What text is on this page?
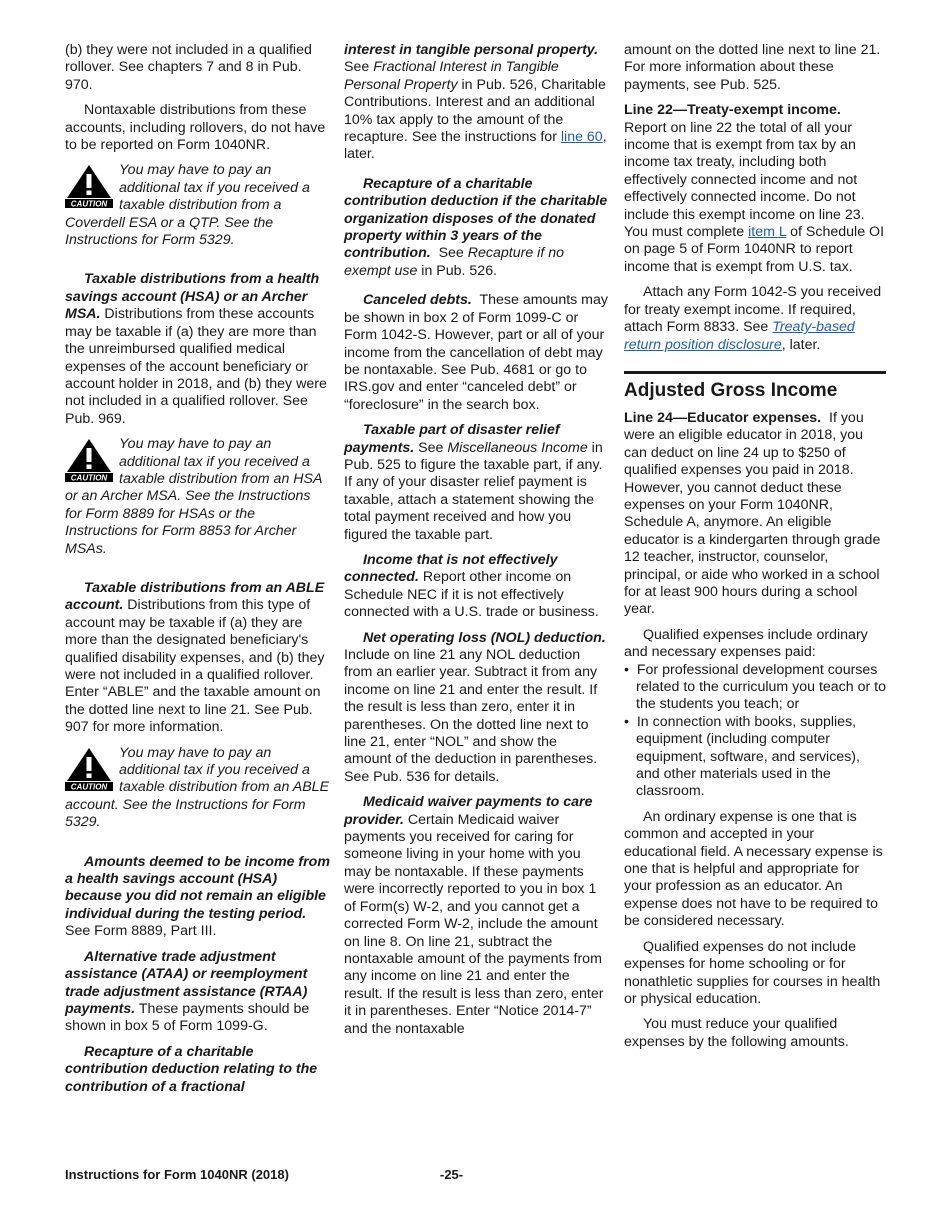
(b) they were not included in a qualified rollover. See chapters 7 and 8 in Pub. 970.

Nontaxable distributions from these accounts, including rollovers, do not have to be reported on Form 1040NR.

CAUTION
You may have to pay an additional tax if you received a taxable distribution from a Coverdell ESA or a QTP. See the Instructions for Form 5329.

Taxable distributions from a health savings account (HSA) or an Archer MSA. Distributions from these accounts may be taxable if (a) they are more than the unreimbursed qualified medical expenses of the account beneficiary or account holder in 2018, and (b) they were not included in a qualified rollover. See Pub. 969.

CAUTION
You may have to pay an additional tax if you received a taxable distribution from an HSA or an Archer MSA. See the Instructions for Form 8889 for HSAs or the Instructions for Form 8853 for Archer MSAs.

Taxable distributions from an ABLE account. Distributions from this type of account may be taxable if (a) they are more than the designated beneficiary's qualified disability expenses, and (b) they were not included in a qualified rollover. Enter “ABLE” and the taxable amount on the dotted line next to line 21. See Pub. 907 for more information.

CAUTION
You may have to pay an additional tax if you received a taxable distribution from an ABLE account. See the Instructions for Form 5329.

Amounts deemed to be income from a health savings account (HSA) because you did not remain an eligible individual during the testing period.  See Form 8889, Part III.

Alternative trade adjustment assistance (ATAA) or reemployment trade adjustment assistance (RTAA) payments. These payments should be shown in box 5 of Form 1099-G.

Recapture of a charitable contribution deduction relating to the contribution of a fractional

interest in tangible personal property.  See Fractional Interest in Tangible Personal Property in Pub. 526, Charitable Contributions. Interest and an additional 10% tax apply to the amount of the recapture. See the instructions for line 60, later.

Recapture of a charitable contribution deduction if the charitable organization disposes of the donated property within 3 years of the contribution. See Recapture if no exempt use in Pub. 526.

Canceled debts. These amounts may be shown in box 2 of Form 1099-C or Form 1042-S. However, part or all of your income from the cancellation of debt may be nontaxable. See Pub. 4681 or go to IRS.gov and enter “canceled debt” or “foreclosure” in the search box.

Taxable part of disaster relief payments. See Miscellaneous Income in Pub. 525 to figure the taxable part, if any. If any of your disaster relief payment is taxable, attach a statement showing the total payment received and how you figured the taxable part.

Income that is not effectively connected. Report other income on Schedule NEC if it is not effectively connected with a U.S. trade or business.

Net operating loss (NOL) deduction. Include on line 21 any NOL deduction from an earlier year. Subtract it from any income on line 21 and enter the result. If the result is less than zero, enter it in parentheses. On the dotted line next to line 21, enter “NOL” and show the amount of the deduction in parentheses. See Pub. 536 for details.

Medicaid waiver payments to care provider. Certain Medicaid waiver payments you received for caring for someone living in your home with you may be nontaxable. If these payments were incorrectly reported to you in box 1 of Form(s) W-2, and you cannot get a corrected Form W-2, include the amount on line 8. On line 21, subtract the nontaxable amount of the payments from any income on line 21 and enter the result. If the result is less than zero, enter it in parentheses. Enter “Notice 2014-7” and the nontaxable

amount on the dotted line next to line 21. For more information about these payments, see Pub. 525.

Line 22—Treaty-exempt income.
Report on line 22 the total of all your income that is exempt from tax by an income tax treaty, including both effectively connected income and not effectively connected income. Do not include this exempt income on line 23. You must complete item L of Schedule OI on page 5 of Form 1040NR to report income that is exempt from U.S. tax.

Attach any Form 1042-S you received for treaty exempt income. If required, attach Form 8833. See Treaty-based return position disclosure, later.

Adjusted Gross Income

Line 24—Educator expenses. If you were an eligible educator in 2018, you can deduct on line 24 up to $250 of qualified expenses you paid in 2018. However, you cannot deduct these expenses on your Form 1040NR, Schedule A, anymore. An eligible educator is a kindergarten through grade 12 teacher, instructor, counselor, principal, or aide who worked in a school for at least 900 hours during a school year.

Qualified expenses include ordinary and necessary expenses paid:

•  For professional development courses related to the curriculum you teach or to the students you teach; or

•  In connection with books, supplies, equipment (including computer equipment, software, and services), and other materials used in the classroom.

An ordinary expense is one that is common and accepted in your educational field. A necessary expense is one that is helpful and appropriate for your profession as an educator. An expense does not have to be required to be considered necessary.

Qualified expenses do not include expenses for home schooling or for nonathletic supplies for courses in health or physical education.

You must reduce your qualified expenses by the following amounts.

Instructions for Form 1040NR (2018)	-25-
